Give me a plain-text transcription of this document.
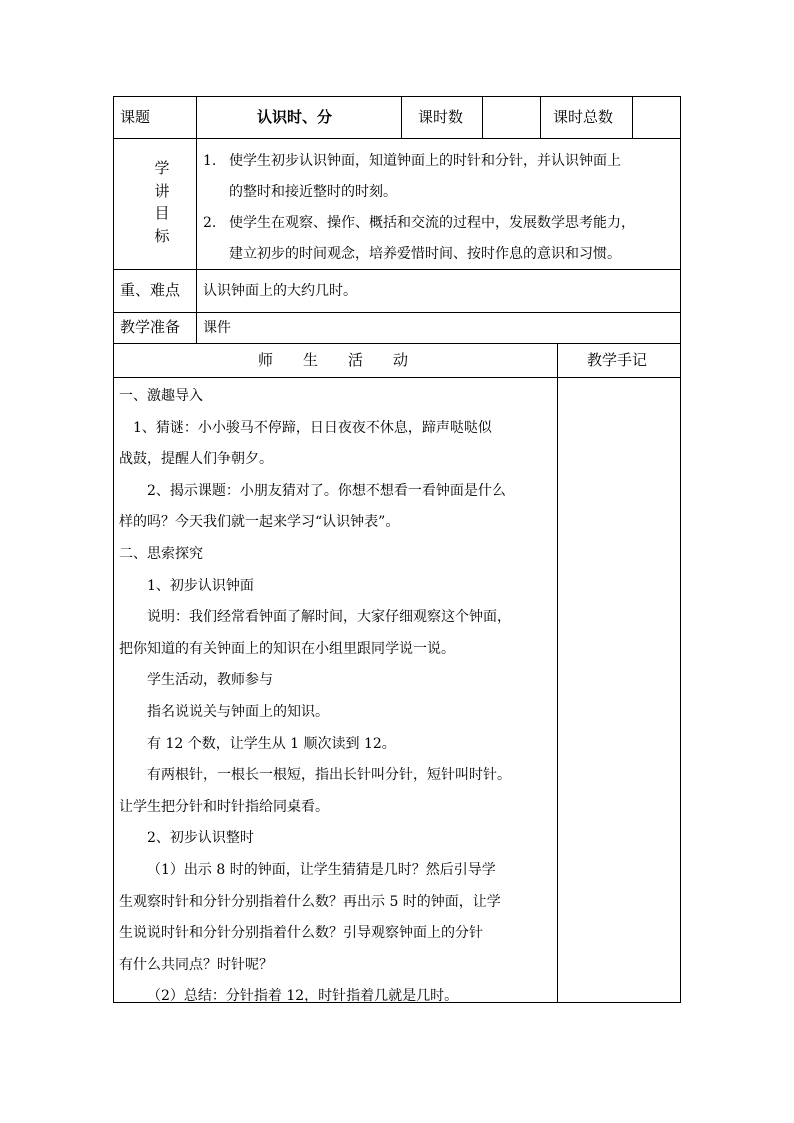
课题	认识时、分	课时数	课时总数
学
讲
目
标
1. 使学生初步认识钟面，知道钟面上的时针和分针，并认识钟面上
的整时和接近整时的时刻。
2. 使学生在观察、操作、概括和交流的过程中，发展数学思考能力，
建立初步的时间观念，培养爱惜时间、按时作息的意识和习惯。
重、难点 认识钟面上的大约几时。
教学准备 课件
师　　生　　活　　动	教学手记
一、激趣导入
1、猜谜：小小骏马不停蹄，日日夜夜不休息，蹄声哒哒似
战鼓，提醒人们争朝夕。
2、揭示课题：小朋友猜对了。你想不想看一看钟面是什么
样的吗？今天我们就一起来学习“认识钟表”。
二、思索探究
1、初步认识钟面
说明：我们经常看钟面了解时间，大家仔细观察这个钟面，
把你知道的有关钟面上的知识在小组里跟同学说一说。
学生活动，教师参与
指名说说关与钟面上的知识。
有 12 个数，让学生从 1 顺次读到 12。
有两根针，一根长一根短，指出长针叫分针，短针叫时针。
让学生把分针和时针指给同桌看。
2、初步认识整时
（1）出示 8 时的钟面，让学生猜猜是几时？然后引导学
生观察时针和分针分别指着什么数？再出示 5 时的钟面，让学
生说说时针和分针分别指着什么数？引导观察钟面上的分针
有什么共同点？时针呢？
（2）总结：分针指着 12，时针指着几就是几时。
